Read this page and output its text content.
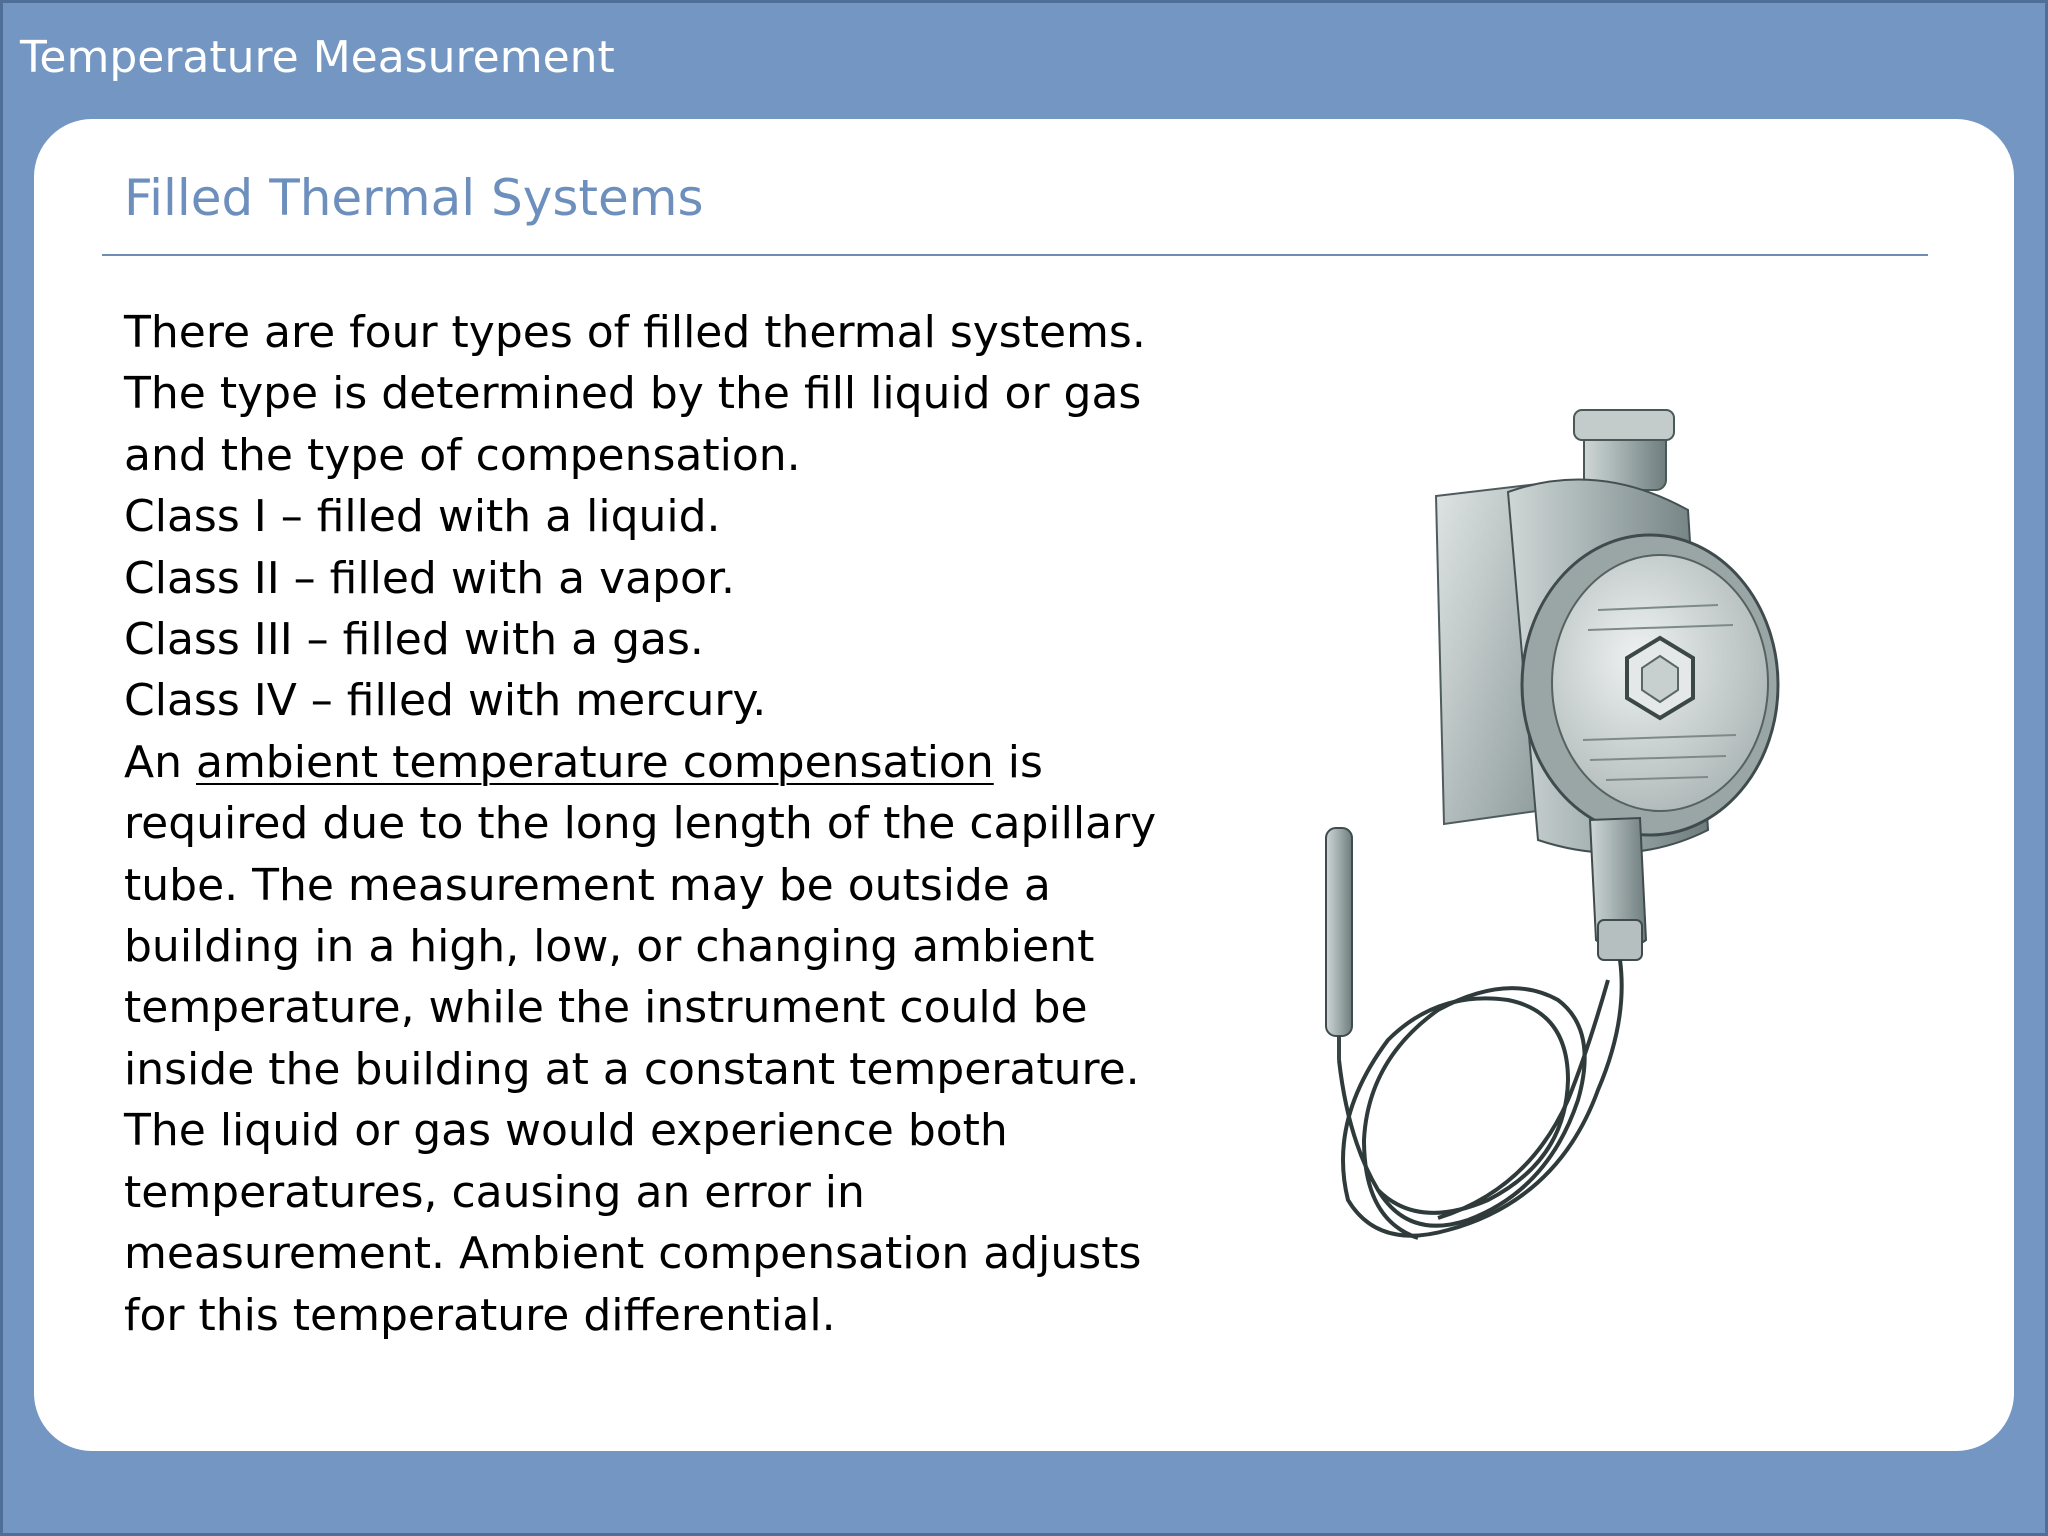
Temperature Measurement
Filled Thermal Systems

There are four types of filled thermal systems.

The type is determined by the fill liquid or gas

and the type of compensation.

Class I – filled with a liquid.

Class II – filled with a vapor.

Class III – filled with a gas.

Class IV – filled with mercury.

An ambient temperature compensation is

required due to the long length of the capillary

tube. The measurement may be outside a

building in a high, low, or changing ambient

temperature, while the instrument could be

inside the building at a constant temperature.

The liquid or gas would experience both

temperatures, causing an error in

measurement. Ambient compensation adjusts

for this temperature differential.
